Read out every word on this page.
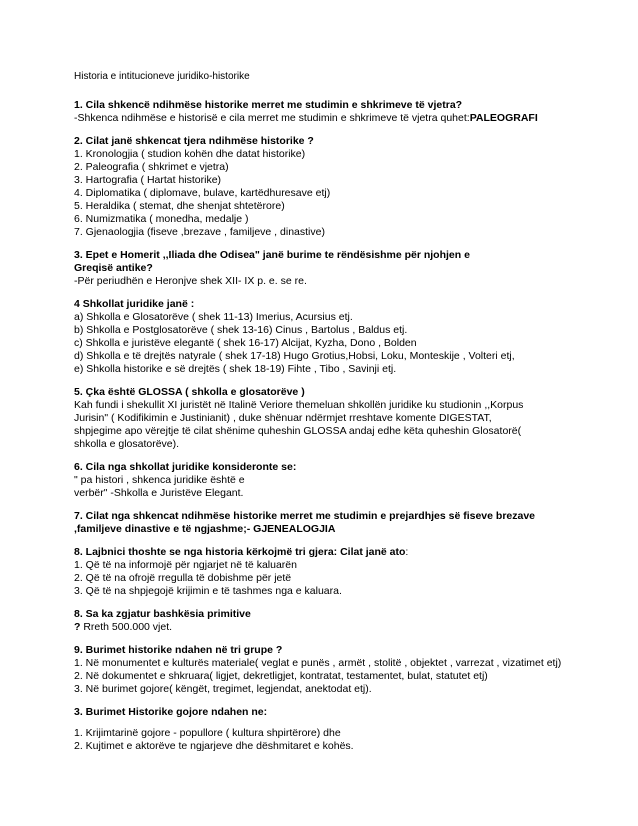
Historia e intitucioneve juridiko-historike

1. Cila shkencë ndihmëse historike merret me studimin e shkrimeve të vjetra?

-Shkenca ndihmëse e historisë e cila merret me studimin e shkrimeve të vjetra quhet:PALEOGRAFI

2. Cilat janë shkencat tjera ndihmëse historike ?

1. Kronologjia ( studion kohën dhe datat historike)

2. Paleografia ( shkrimet e vjetra)

3. Hartografia ( Hartat historike)

4. Diplomatika ( diplomave, bulave, kartëdhuresave etj)

5. Heraldika ( stemat, dhe shenjat shtetërore)

6. Numizmatika ( monedha, medalje )

7. Gjenaologjia (fiseve ,brezave , familjeve , dinastive)

3. Epet e Homerit ,,Iliada dhe Odisea" janë burime te rëndësishme për njohjen e

Greqisë antike?

-Për periudhën e Heronjve shek XII- IX p. e. se re.

4 Shkollat juridike janë :

a) Shkolla e Glosatorëve ( shek 11-13) Imerius, Acursius etj.

b) Shkolla e Postglosatorëve ( shek 13-16) Cinus , Bartolus , Baldus etj.

c) Shkolla e juristëve elegantë ( shek 16-17) Alcijat, Kyzha, Dono , Bolden

d) Shkolla e të drejtës natyrale ( shek 17-18) Hugo Grotius,Hobsi, Loku, Monteskije , Volteri etj,

e) Shkolla historike e së drejtës ( shek 18-19) Fihte , Tibo , Savinji etj.

5. Çka është GLOSSA ( shkolla e glosatorëve )

Kah fundi i shekullit XI juristët në Italinë Veriore themeluan shkollën juridike ku studionin ,,Korpus

Jurisin" ( Kodifikimin e Justinianit) , duke shënuar ndërmjet rreshtave komente DIGESTAT,

shpjegime apo vërejtje të cilat shënime quheshin GLOSSA andaj edhe këta quheshin Glosatorë(

shkolla e glosatorëve).

6. Cila nga shkollat juridike konsideronte se:

" pa histori , shkenca juridike është e

verbër" -Shkolla e Juristëve Elegant.

7. Cilat nga shkencat ndihmëse historike merret me studimin e prejardhjes së fiseve brezave

,familjeve dinastive e të ngjashme;- GJENEALOGJIA

8. Lajbnici thoshte se nga historia kërkojmë tri gjera: Cilat janë ato:

1. Që të na informojë për ngjarjet në të kaluarën

2. Që të na ofrojë rregulla të dobishme për jetë

3. Që të na shpjegojë krijimin e të tashmes nga e kaluara.

8. Sa ka zgjatur bashkësia primitive

? Rreth 500.000 vjet.

9. Burimet historike ndahen në tri grupe ?

1. Në monumentet e kulturës materiale( veglat e punës , armët , stolitë , objektet , varrezat , vizatimet etj)

2. Në dokumentet e shkruara( ligjet, dekretligjet, kontratat, testamentet, bulat, statutet etj)

3. Në burimet gojore( këngët, tregimet, legjendat, anektodat etj).

3. Burimet Historike gojore ndahen ne:

1. Krijimtarinë gojore - popullore ( kultura shpirtërore) dhe

2. Kujtimet e aktorëve te ngjarjeve dhe dëshmitaret e kohës.
